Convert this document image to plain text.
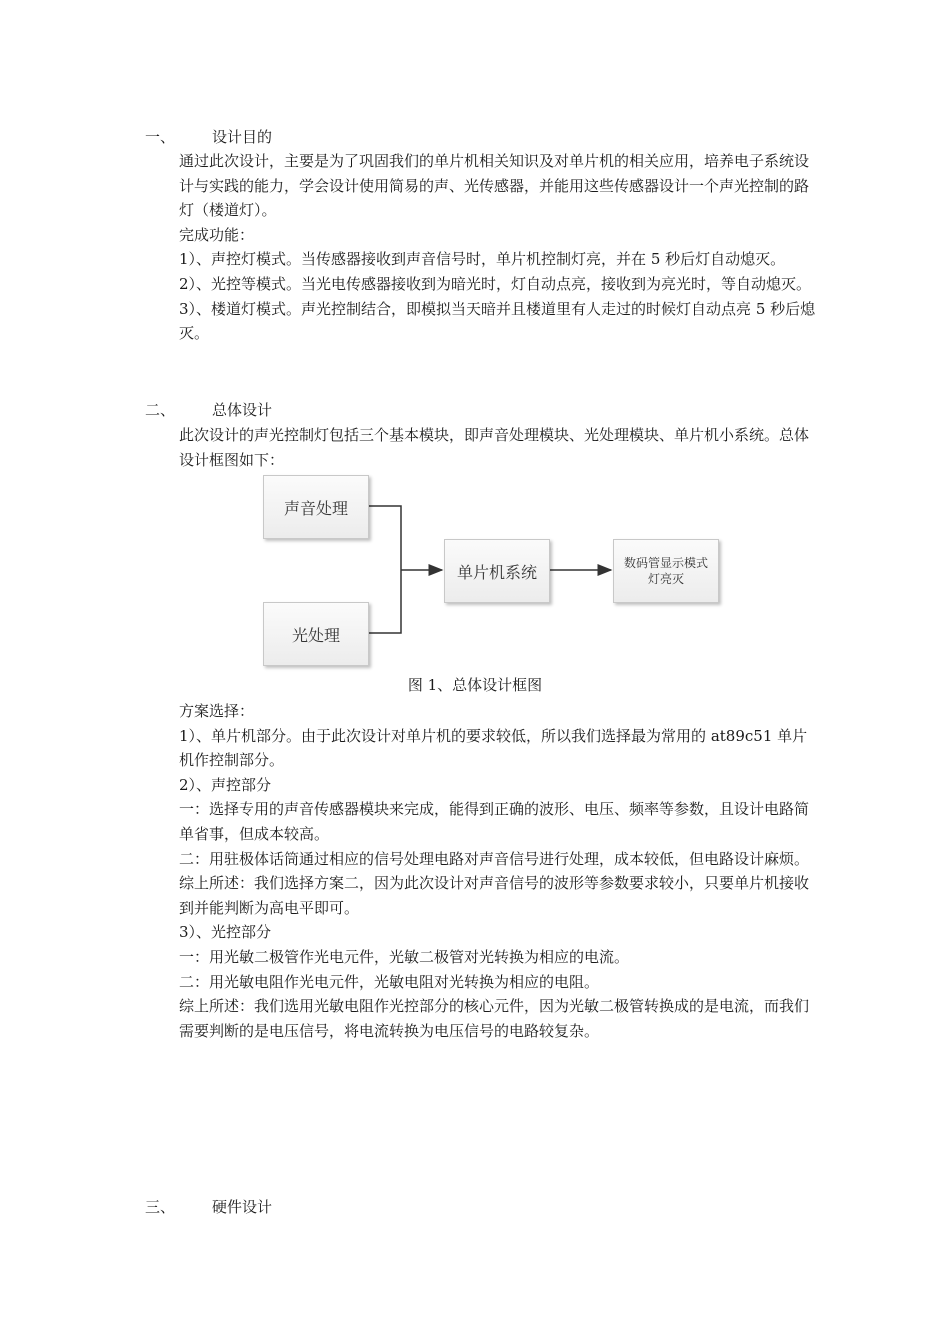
一、 设计目的

通过此次设计，主要是为了巩固我们的单片机相关知识及对单片机的相关应用，培养电子系统设计与实践的能力，学会设计使用简易的声、光传感器，并能用这些传感器设计一个声光控制的路灯（楼道灯）。

完成功能：

1）、声控灯模式。当传感器接收到声音信号时，单片机控制灯亮，并在 5 秒后灯自动熄灭。

2）、光控等模式。当光电传感器接收到为暗光时，灯自动点亮，接收到为亮光时，等自动熄灭。

3）、楼道灯模式。声光控制结合，即模拟当天暗并且楼道里有人走过的时候灯自动点亮 5 秒后熄灭。

二、 总体设计

此次设计的声光控制灯包括三个基本模块，即声音处理模块、光处理模块、单片机小系统。总体设计框图如下：

声音处理
光处理
单片机系统	数码管显示模式
灯亮灭
图 1、总体设计框图

方案选择：

1）、单片机部分。由于此次设计对单片机的要求较低，所以我们选择最为常用的 at89c51 单片机作控制部分。

2）、声控部分

一：选择专用的声音传感器模块来完成，能得到正确的波形、电压、频率等参数，且设计电路简单省事，但成本较高。

二：用驻极体话筒通过相应的信号处理电路对声音信号进行处理，成本较低，但电路设计麻烦。

综上所述：我们选择方案二，因为此次设计对声音信号的波形等参数要求较小，只要单片机接收到并能判断为高电平即可。

3）、光控部分

一：用光敏二极管作光电元件，光敏二极管对光转换为相应的电流。

二：用光敏电阻作光电元件，光敏电阻对光转换为相应的电阻。

综上所述：我们选用光敏电阻作光控部分的核心元件，因为光敏二极管转换成的是电流，而我们需要判断的是电压信号，将电流转换为电压信号的电路较复杂。

三、 硬件设计
